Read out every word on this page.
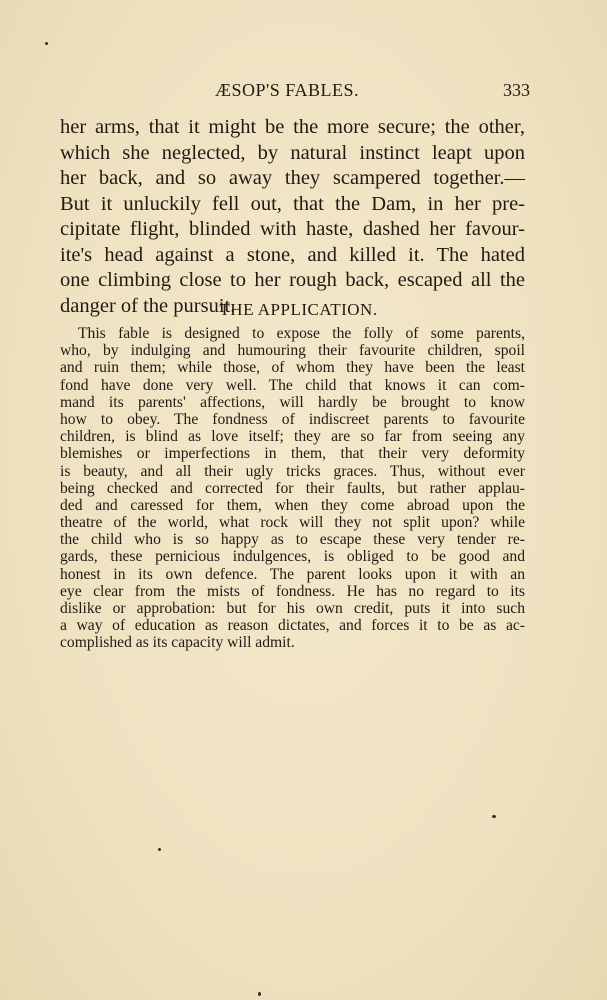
ÆSOP'S FABLES.	333
her arms, that it might be the more secure; the other,
which she neglected, by natural instinct leapt upon
her back, and so away they scampered together.—
But it unluckily fell out, that the Dam, in her pre-
cipitate flight, blinded with haste, dashed her favour-
ite's head against a stone, and killed it. The hated
one climbing close to her rough back, escaped all the
danger of the pursuit.
THE APPLICATION.
This fable is designed to expose the folly of some parents,
who, by indulging and humouring their favourite children, spoil
and ruin them; while those, of whom they have been the least
fond have done very well. The child that knows it can com-
mand its parents' affections, will hardly be brought to know
how to obey. The fondness of indiscreet parents to favourite
children, is blind as love itself; they are so far from seeing any
blemishes or imperfections in them, that their very deformity
is beauty, and all their ugly tricks graces. Thus, without ever
being checked and corrected for their faults, but rather applau-
ded and caressed for them, when they come abroad upon the
theatre of the world, what rock will they not split upon? while
the child who is so happy as to escape these very tender re-
gards, these pernicious indulgences, is obliged to be good and
honest in its own defence. The parent looks upon it with an
eye clear from the mists of fondness. He has no regard to its
dislike or approbation: but for his own credit, puts it into such
a way of education as reason dictates, and forces it to be as ac-
complished as its capacity will admit.
